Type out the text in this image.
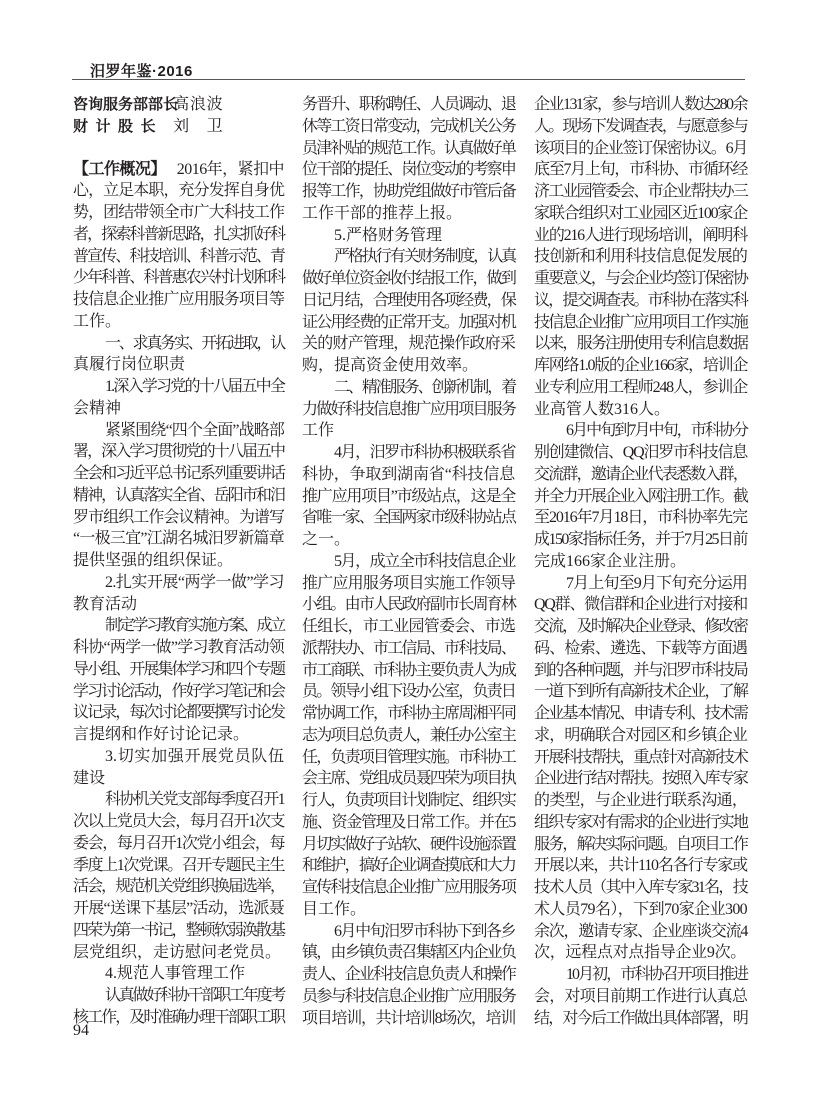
汨罗年鉴·2016
咨询服务部部长
高浪波
财计股长 刘卫
【工作概况】 2016年，紧扣中
心，立足本职，充分发挥自身优
势，团结带领全市广大科技工作
者，探索科普新思路，扎实抓好科
普宣传、科技培训、科普示范、青
少年科普、科普惠农兴村计划和科
技信息企业推广应用服务项目等
工作。
一、求真务实、开拓进取，认
真履行岗位职责
1.深入学习党的十八届五中全
会精神
紧紧围绕“四个全面”战略部
署，深入学习贯彻党的十八届五中
全会和习近平总书记系列重要讲话
精神，认真落实全省、岳阳市和汨
罗市组织工作会议精神。为谱写
“一极三宜”江湖名城汨罗新篇章
提供坚强的组织保证。
2.扎实开展“两学一做”学习
教育活动
制定学习教育实施方案、成立
科协“两学一做”学习教育活动领
导小组、开展集体学习和四个专题
学习讨论活动，作好学习笔记和会
议记录，每次讨论都要撰写讨论发
言提纲和作好讨论记录。
3.切实加强开展党员队伍
建设
科协机关党支部每季度召开1
次以上党员大会，每月召开1次支
委会，每月召开1次党小组会，每
季度上1次党课。召开专题民主生
活会，规范机关党组织换届选举，
开展“送课下基层”活动，选派聂
四荣为第一书记，整顿软弱涣散基
层党组织，走访慰问老党员。
4.规范人事管理工作
认真做好科协干部职工年度考
核工作，及时准确办理干部职工职
务晋升、职称聘任、人员调动、退
休等工资日常变动，完成机关公务
员津补贴的规范工作。认真做好单
位干部的提任、岗位变动的考察申
报等工作，协助党组做好市管后备
工作干部的推荐上报。
5.严格财务管理
严格执行有关财务制度，认真
做好单位资金收付结报工作，做到
日记月结，合理使用各项经费，保
证公用经费的正常开支。加强对机
关的财产管理，规范操作政府采
购，提高资金使用效率。
二、精准服务、创新机制，着
力做好科技信息推广应用项目服务
工作
4月，汨罗市科协积极联系省
科协，争取到湖南省“科技信息
推广应用项目”市级站点，这是全
省唯一家、全国两家市级科协站点
之一。
5月，成立全市科技信息企业
推广应用服务项目实施工作领导
小组。由市人民政府副市长周育林
任组长，市工业园管委会、市选
派帮扶办、市工信局、市科技局、
市工商联、市科协主要负责人为成
员。领导小组下设办公室，负责日
常协调工作，市科协主席周湘平同
志为项目总负责人，兼任办公室主
任，负责项目管理实施。市科协工
会主席、党组成员聂四荣为项目执
行人，负责项目计划制定、组织实
施、资金管理及日常工作。并在5
月切实做好子站软、硬件设施添置
和维护，搞好企业调查摸底和大力
宣传科技信息企业推广应用服务项
目工作。
6月中旬汨罗市科协下到各乡
镇，由乡镇负责召集辖区内企业负
责人、企业科技信息负责人和操作
员参与科技信息企业推广应用服务
项目培训，共计培训8场次，培训
企业131家，参与培训人数达280余
人。现场下发调查表，与愿意参与
该项目的企业签订保密协议。6月
底至7月上旬，市科协、市循环经
济工业园管委会、市企业帮扶办三
家联合组织对工业园区近100家企
业的216人进行现场培训，阐明科
技创新和利用科技信息促发展的
重要意义，与会企业均签订保密协
议，提交调查表。市科协在落实科
技信息企业推广应用项目工作实施
以来，服务注册使用专利信息数据
库网络1.0版的企业166家，培训企
业专利应用工程师248人，参训企
业高管人数316人。
6月中旬到7月中旬，市科协分
别创建微信、QQ汨罗市科技信息
交流群，邀请企业代表悉数入群，
并全力开展企业入网注册工作。截
至2016年7月18日，市科协率先完
成150家指标任务，并于7月25日前
完成166家企业注册。
7月上旬至9月下旬充分运用
QQ群、微信群和企业进行对接和
交流，及时解决企业登录、修改密
码、检索、遴选、下载等方面遇
到的各种问题，并与汨罗市科技局
一道下到所有高新技术企业，了解
企业基本情况、申请专利、技术需
求，明确联合对园区和乡镇企业
开展科技帮扶，重点针对高新技术
企业进行结对帮扶。按照入库专家
的类型，与企业进行联系沟通，
组织专家对有需求的企业进行实地
服务，解决实际问题。自项目工作
开展以来，共计110名各行专家或
技术人员（其中入库专家31名，技
术人员79名），下到70家企业300
余次，邀请专家、企业座谈交流4
次，远程点对点指导企业9次。
10月初，市科协召开项目推进
会，对项目前期工作进行认真总
结，对今后工作做出具体部署，明
94
